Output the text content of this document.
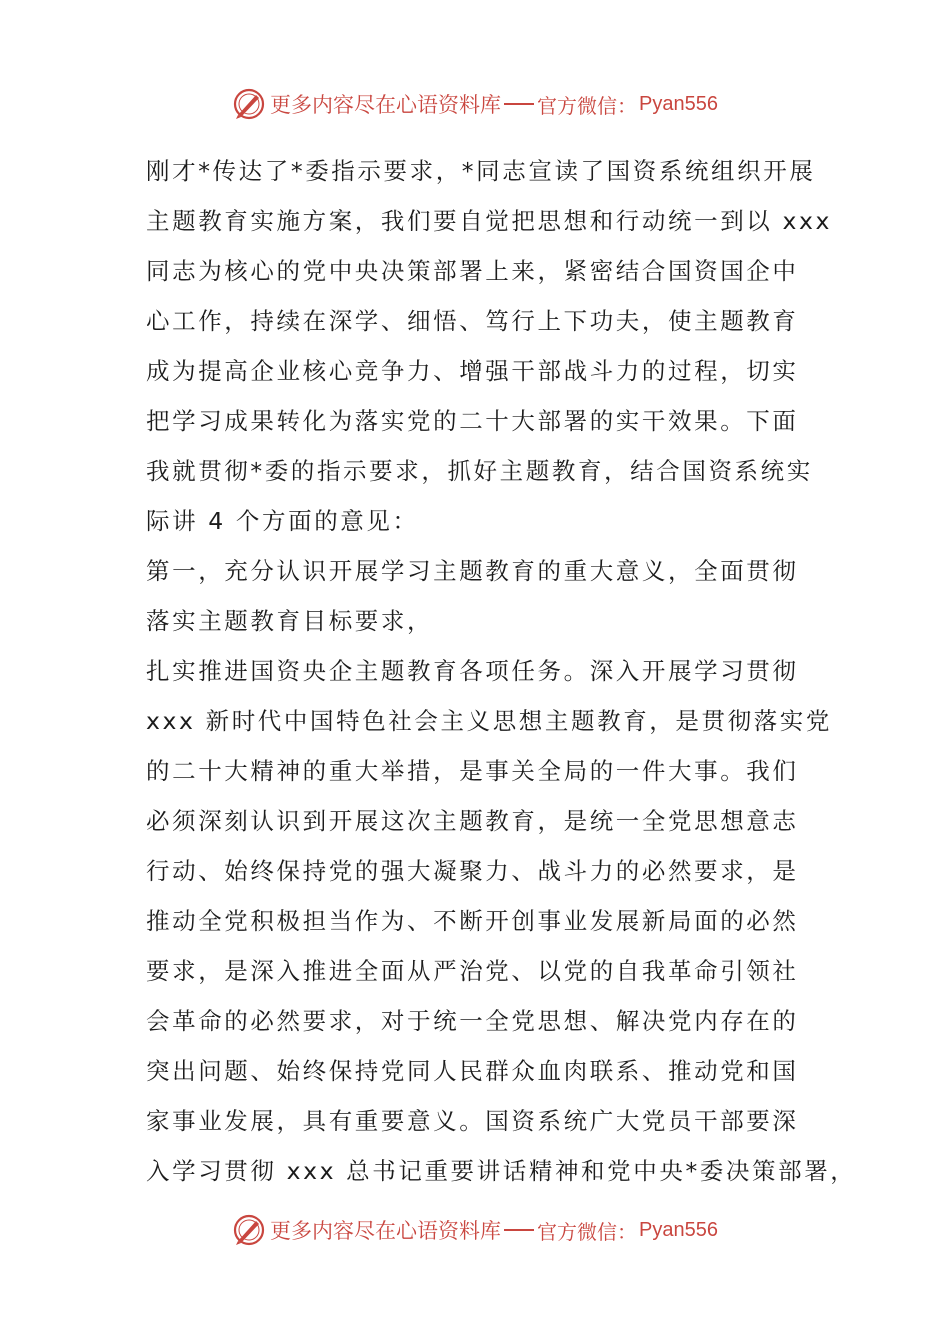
更多内容尽在心语资料库 官方微信： Pyan556
刚才*传达了*委指示要求，*同志宣读了国资系统组织开展
主题教育实施方案，我们要自觉把思想和行动统一到以 xxx
同志为核心的党中央决策部署上来，紧密结合国资国企中
心工作，持续在深学、细悟、笃行上下功夫，使主题教育
成为提高企业核心竞争力、增强干部战斗力的过程，切实
把学习成果转化为落实党的二十大部署的实干效果。下面
我就贯彻*委的指示要求，抓好主题教育，结合国资系统实
际讲 4 个方面的意见：
第一，充分认识开展学习主题教育的重大意义，全面贯彻
落实主题教育目标要求，
扎实推进国资央企主题教育各项任务。深入开展学习贯彻
xxx 新时代中国特色社会主义思想主题教育，是贯彻落实党
的二十大精神的重大举措，是事关全局的一件大事。我们
必须深刻认识到开展这次主题教育，是统一全党思想意志
行动、始终保持党的强大凝聚力、战斗力的必然要求，是
推动全党积极担当作为、不断开创事业发展新局面的必然
要求，是深入推进全面从严治党、以党的自我革命引领社
会革命的必然要求，对于统一全党思想、解决党内存在的
突出问题、始终保持党同人民群众血肉联系、推动党和国
家事业发展，具有重要意义。国资系统广大党员干部要深
入学习贯彻 xxx 总书记重要讲话精神和党中央*委决策部署，
更多内容尽在心语资料库 官方微信： Pyan556
